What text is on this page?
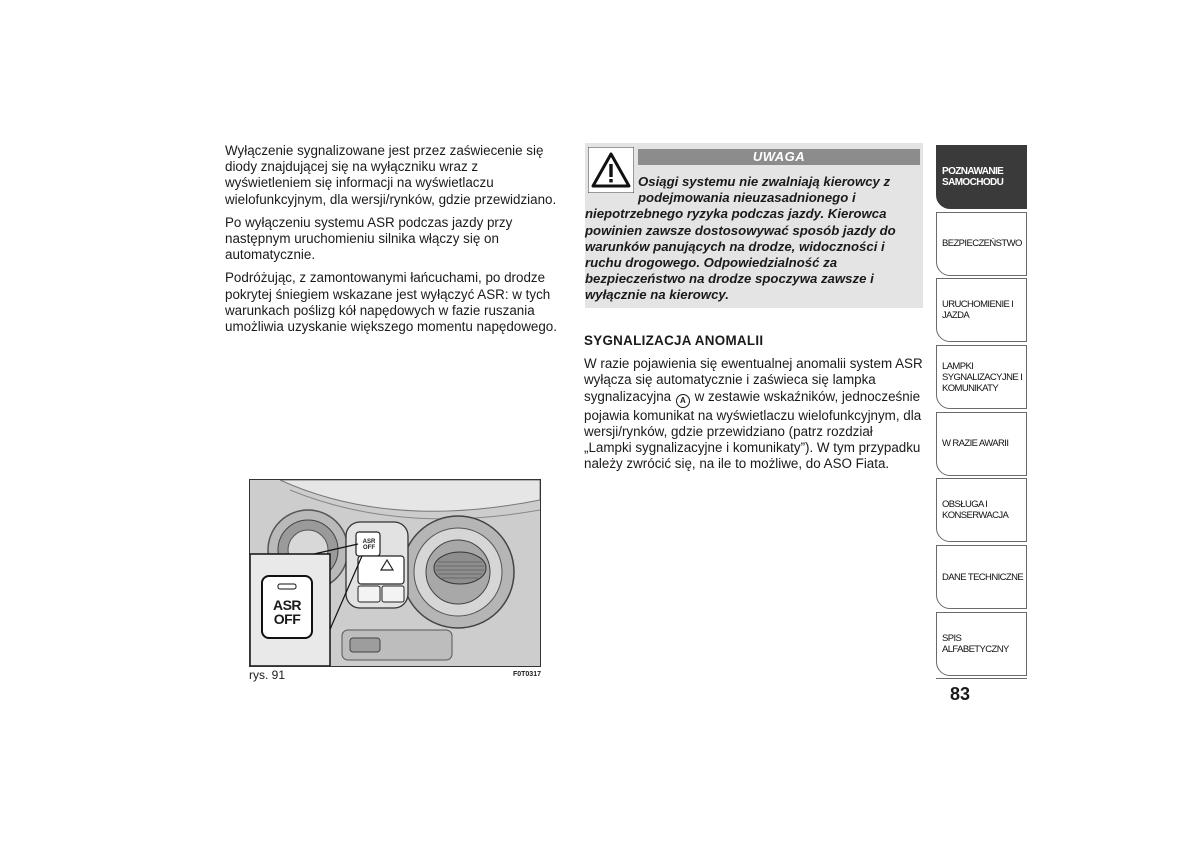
Wyłączenie sygnalizowane jest przez zaświecenie się diody znajdującej się na wyłączniku wraz z wyświetleniem się informacji na wyświetlaczu wielofunkcyjnym, dla wersji/rynków, gdzie przewidziano.

Po wyłączeniu systemu ASR podczas jazdy przy następnym uruchomieniu silnika włączy się on automatycznie.

Podróżując, z zamontowanymi łańcuchami, po drodze pokrytej śniegiem wskazane jest wyłączyć ASR: w tych warunkach poślizg kół napędowych w fazie ruszania umożliwia uzyskanie większego momentu napędowego.

ASR
OFF
ASR
OFF
rys. 91	F0T0317
UWAGA

Osiągi systemu nie zwalniają kierowcy z podejmowania nieuzasadnionego i niepotrzebnego ryzyka podczas jazdy. Kierowca powinien zawsze dostosowywać sposób jazdy do warunków panujących na drodze, widoczności i ruchu drogowego. Odpowiedzialność za bezpieczeństwo na drodze spoczywa zawsze i wyłącznie na kierowcy.

SYGNALIZACJA ANOMALII

W razie pojawienia się ewentualnej anomalii system ASR wyłącza się automatycznie i zaświeca się lampka sygnalizacyjna A w zestawie wskaźników, jednocześnie pojawia komunikat na wyświetlaczu wielofunkcyjnym, dla wersji/rynków, gdzie przewidziano (patrz rozdział „Lampki sygnalizacyjne i komunikaty”). W tym przypadku należy zwrócić się, na ile to możliwe, do ASO Fiata.

POZNAWANIE
SAMOCHODU
BEZPIECZEŃSTWO
URUCHOMIENIE I
JAZDA
LAMPKI
SYGNALIZACYJNE I
KOMUNIKATY
W RAZIE AWARII
OBSŁUGA I
KONSERWACJA
DANE TECHNICZNE
SPIS ALFABETYCZNY
83
